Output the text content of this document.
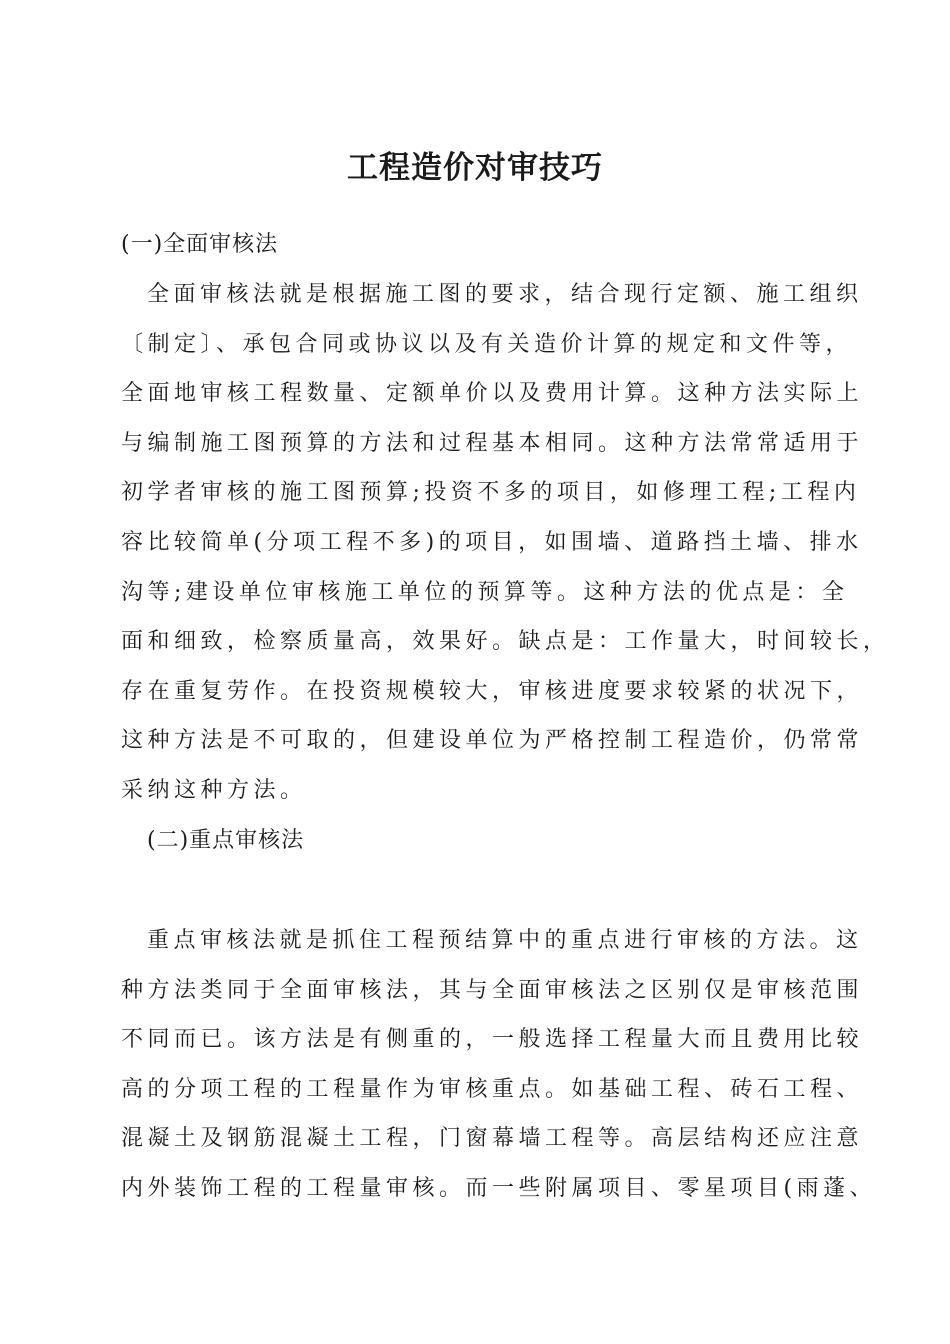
工程造价对审技巧
(一)全面审核法
全面审核法就是根据施工图的要求，结合现行定额、施工组织
〔制定〕、承包合同或协议以及有关造价计算的规定和文件等，
全面地审核工程数量、定额单价以及费用计算。这种方法实际上
与编制施工图预算的方法和过程基本相同。这种方法常常适用于
初学者审核的施工图预算;投资不多的项目，如修理工程;工程内
容比较简单(分项工程不多)的项目，如围墙、道路挡土墙、排水
沟等;建设单位审核施工单位的预算等。这种方法的优点是：全
面和细致，检察质量高，效果好。缺点是：工作量大，时间较长，
存在重复劳作。在投资规模较大，审核进度要求较紧的状况下，
这种方法是不可取的，但建设单位为严格控制工程造价，仍常常
采纳这种方法。
(二)重点审核法
重点审核法就是抓住工程预结算中的重点进行审核的方法。这
种方法类同于全面审核法，其与全面审核法之区别仅是审核范围
不同而已。该方法是有侧重的，一般选择工程量大而且费用比较
高的分项工程的工程量作为审核重点。如基础工程、砖石工程、
混凝土及钢筋混凝土工程，门窗幕墙工程等。高层结构还应注意
内外装饰工程的工程量审核。而一些附属项目、零星项目(雨蓬、
